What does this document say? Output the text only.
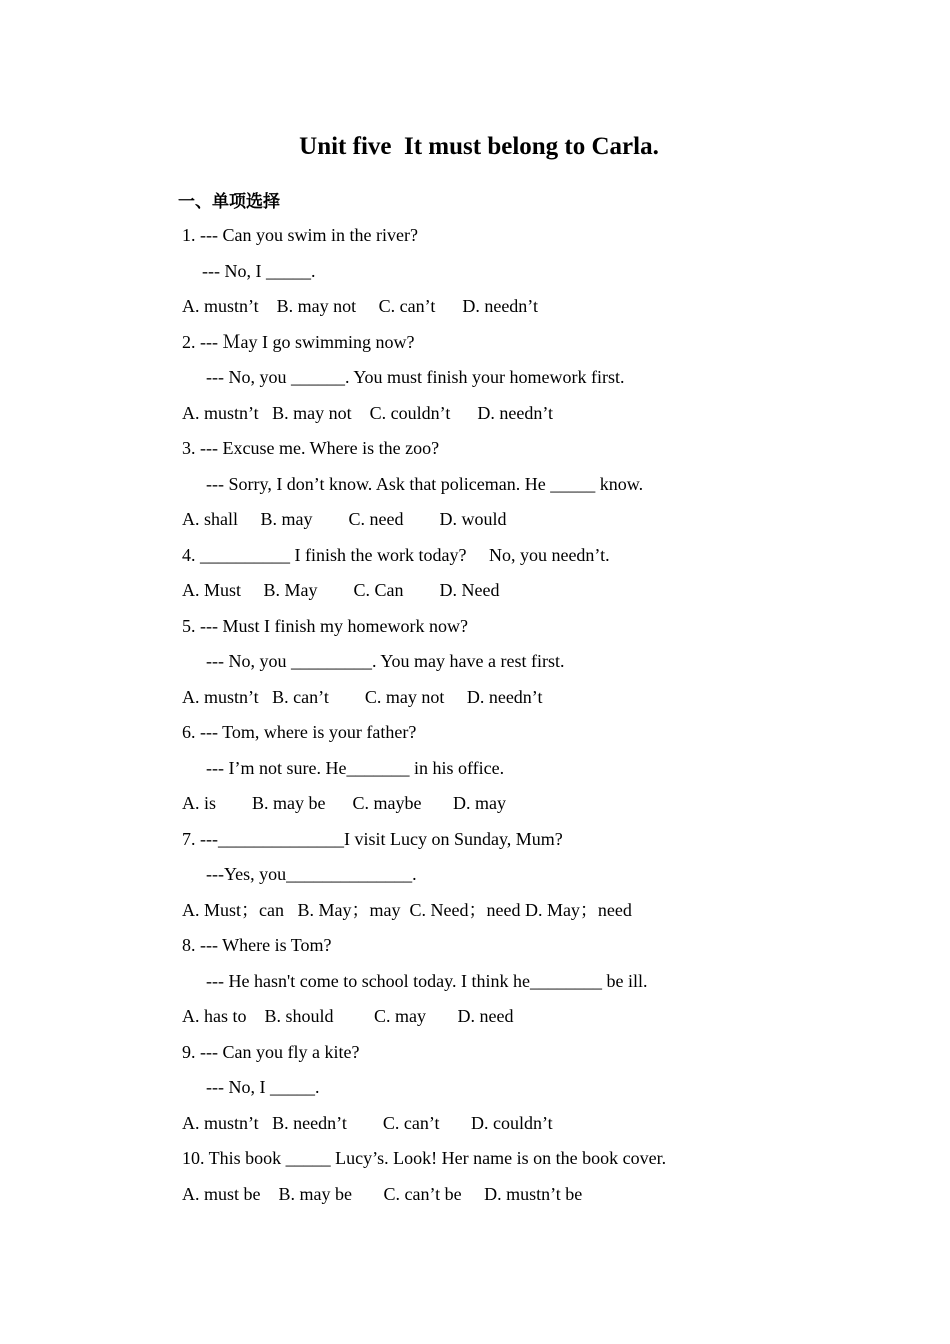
Unit five  It must belong to Carla.
一、单项选择
1. --- Can you swim in the river?
--- No, I _____.
A. mustn’t    B. may not     C. can’t      D. needn’t
2. --- Ｍay I go swimming now?
--- No, you ______. You must finish your homework first.
A. mustn’t   B. may not    C. couldn’t      D. needn’t
3. --- Excuse me. Where is the zoo?
--- Sorry, I don’t know. Ask that policeman. He _____ know.
A. shall     B. may        C. need        D. would
4. __________ I finish the work today?     No, you needn’t.
A. Must     B. May        C. Can        D. Need
5. --- Must I finish my homework now?
--- No, you _________. You may have a rest first.
A. mustn’t   B. can’t        C. may not     D. needn’t
6. --- Tom, where is your father?
--- I’m not sure. He_______ in his office.
A. is        B. may be      C. maybe       D. may
7. ---______________I visit Lucy on Sunday, Mum?
---Yes, you______________.
A. Must；can   B. May；may  C. Need；need D. May；need
8. --- Where is Tom?
--- He hasn't come to school today. I think he________ be ill.
A. has to    B. should         C. may       D. need
9. --- Can you fly a kite?
--- No, I _____.
A. mustn’t   B. needn’t        C. can’t       D. couldn’t
10. This book _____ Lucy’s. Look! Her name is on the book cover.
A. must be    B. may be       C. can’t be     D. mustn’t be
